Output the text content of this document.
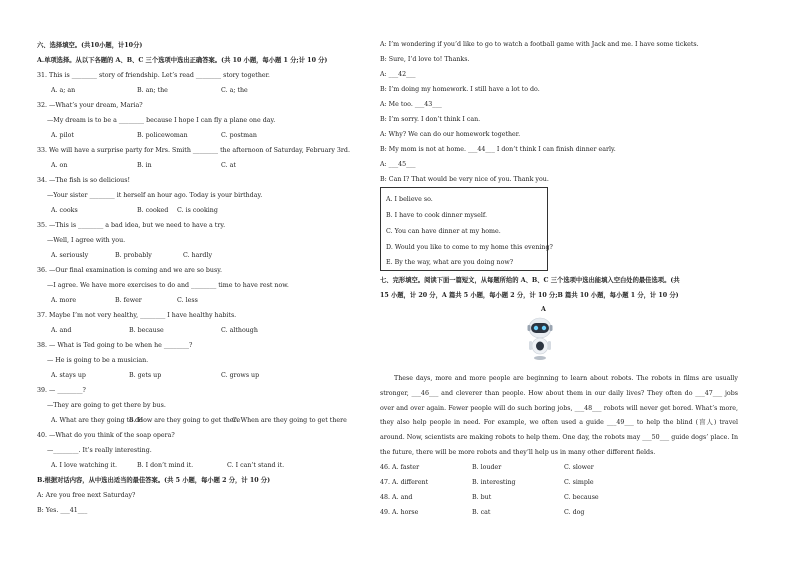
六、选择填空。(共10小题，计10分)
A.单项选择。从以下各题的 A、B、C 三个选项中选出正确答案。(共 10 小题，每小题 1 分;计 10 分)
31. This is ________ story of friendship. Let’s read ________ story together.
A. a; an	B. an; the	C. a; the
32. —What’s your dream, Maria?
—My dream is to be a ________ because I hope I can fly a plane one day.
A. pilot	B. policewoman	C. postman
33. We will have a surprise party for Mrs. Smith ________ the afternoon of Saturday, February 3rd.
A. on	B. in	C. at
34. —The fish is so delicious!
—Your sister ________ it herself an hour ago. Today is your birthday.
A. cooks	B. cooked C. is cooking
35. —This is ________ a bad idea, but we need to have a try.
—Well, I agree with you.
A. seriously	B. probably	C. hardly
36. —Our final examination is coming and we are so busy.
—I agree. We have more exercises to do and ________ time to have rest now.
A. more	B. fewer	C. less
37. Maybe I’m not very healthy, ________ I have healthy habits.
A. and	B. because	C. although
38. — What is Ted going to be when he ________?
— He is going to be a musician.
A. stays up	B. gets up	C. grows up
39. — ________?
—They are going to get there by bus.
A. What are they going to do
B. How are they going to get there
C. When are they going to get there
40. —What do you think of the soap opera?
—________. It’s really interesting.
A. I love watching it.	B. I don’t mind it.	C. I can’t stand it.
B.根据对话内容，从中选出适当的最佳答案。(共 5 小题，每小题 2 分，计 10 分)
A: Are you free next Saturday?
B: Yes. ___41___
A: I’m wondering if you’d like to go to watch a football game with Jack and me. I have some tickets.
B: Sure, I’d love to! Thanks.
A: ___42___
B: I’m doing my homework. I still have a lot to do.
A: Me too. ___43___
B: I’m sorry. I don’t think I can.
A: Why? We can do our homework together.
B: My mom is not at home. ___44___ I don’t think I can finish dinner early.
A: ___45___
B: Can I? That would be very nice of you. Thank you.
A. I believe so.
B. I have to cook dinner myself.
C. You can have dinner at my home.
D. Would you like to come to my home this evening?
E. By the way, what are you doing now?
七、完形填空。阅读下面一篇短文，从每题所给的 A、B、C 三个选项中选出能填入空白处的最佳选项。(共
15 小题，计 20 分，A 篇共 5 小题，每小题 2 分，计 10 分;B 篇共 10 小题，每小题 1 分，计 10 分)
A
These days, more and more people are beginning to learn about robots. The robots in films are usually stronger, ___46___ and cleverer than people. How about them in our daily lives? They often do ___47___ jobs over and over again. Fewer people will do such boring jobs, ___48___ robots will never get bored. What’s more, they also help people in need. For example, we often used a guide ___49___ to help the blind (盲人) travel around. Now, scientists are making robots to help them. One day, the robots may ___50___ guide dogs’ place. In the future, there will be more robots and they’ll help us in many other different fields.
46. A. faster	B. louder	C. slower
47. A. different	B. interesting	C. simple
48. A. and	B. but	C. because
49. A. horse	B. cat	C. dog
